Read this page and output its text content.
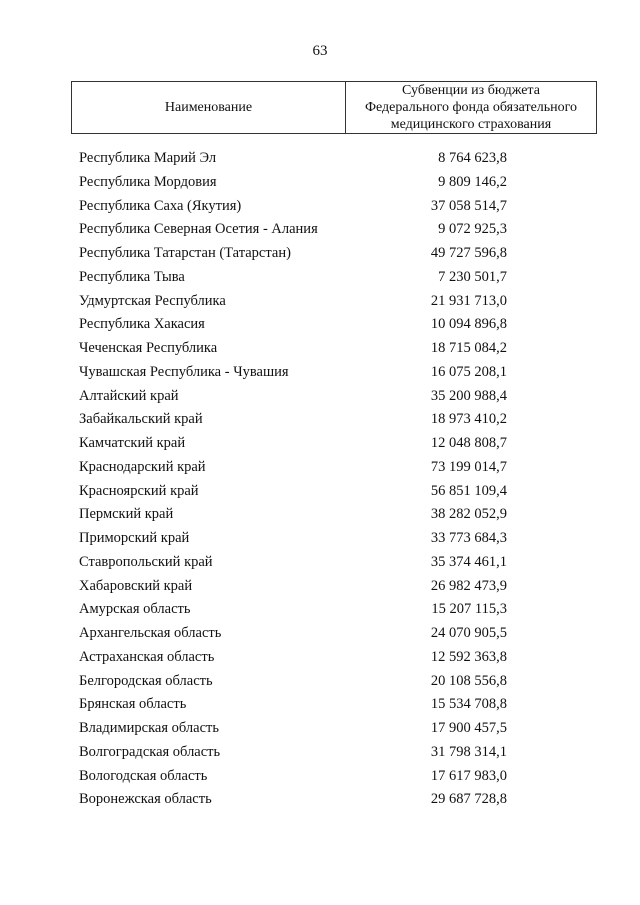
63
Наименование
Субвенции из бюджета
Федерального фонда обязательного
медицинского страхования
Республика Марий Эл	8 764 623,8
Республика Мордовия	9 809 146,2
Республика Саха (Якутия)	37 058 514,7
Республика Северная Осетия - Алания	9 072 925,3
Республика Татарстан (Татарстан)	49 727 596,8
Республика Тыва	7 230 501,7
Удмуртская Республика	21 931 713,0
Республика Хакасия	10 094 896,8
Чеченская Республика	18 715 084,2
Чувашская Республика - Чувашия	16 075 208,1
Алтайский край	35 200 988,4
Забайкальский край	18 973 410,2
Камчатский край	12 048 808,7
Краснодарский край	73 199 014,7
Красноярский край	56 851 109,4
Пермский край	38 282 052,9
Приморский край	33 773 684,3
Ставропольский край	35 374 461,1
Хабаровский край	26 982 473,9
Амурская область	15 207 115,3
Архангельская область	24 070 905,5
Астраханская область	12 592 363,8
Белгородская область	20 108 556,8
Брянская область	15 534 708,8
Владимирская область	17 900 457,5
Волгоградская область	31 798 314,1
Вологодская область	17 617 983,0
Воронежская область	29 687 728,8
